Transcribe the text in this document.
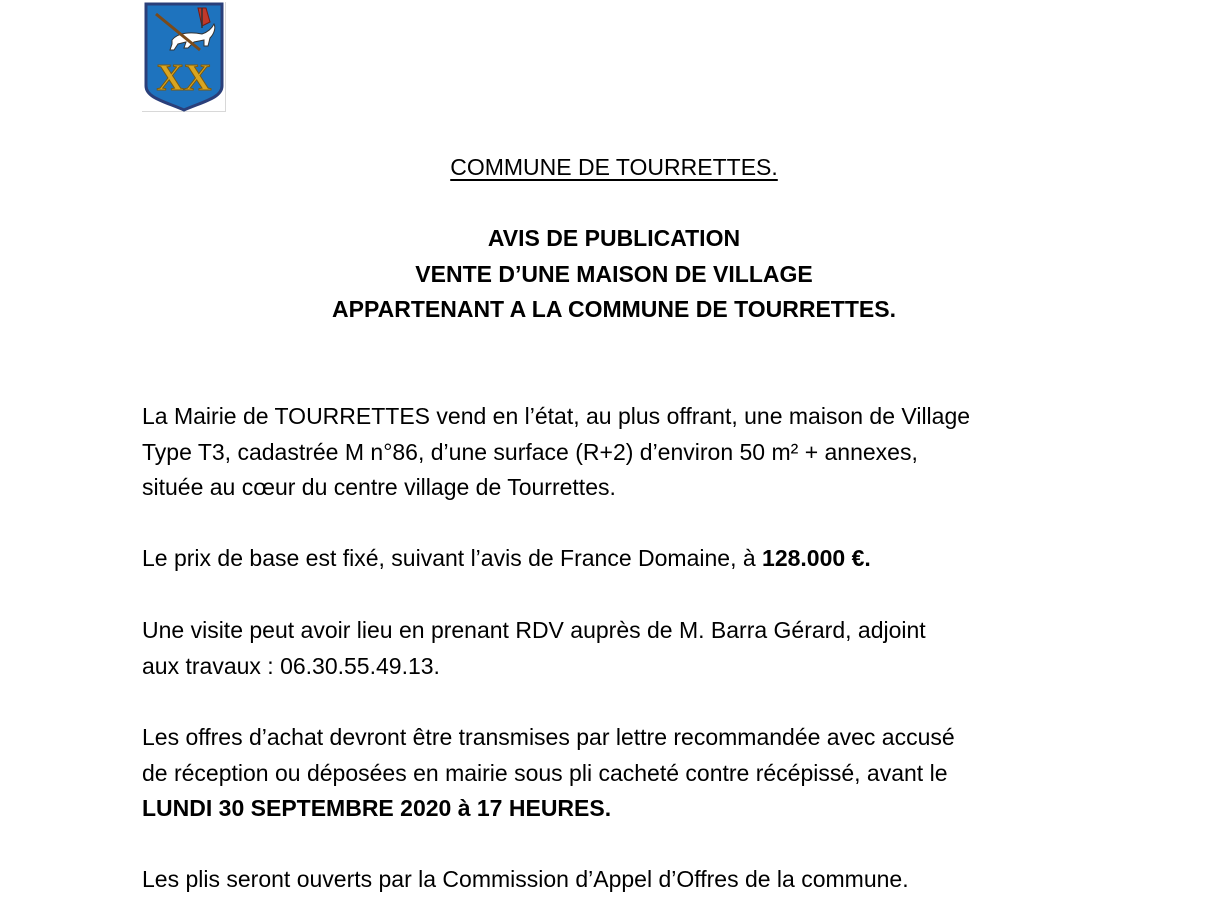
XX
COMMUNE DE TOURRETTES.
AVIS DE PUBLICATION
VENTE D’UNE MAISON DE VILLAGE
APPARTENANT A LA COMMUNE DE TOURRETTES.
La Mairie de TOURRETTES vend en l’état, au plus offrant, une maison de Village
Type T3, cadastrée M n°86, d’une surface (R+2) d’environ 50 m² + annexes,
située au cœur du centre village de Tourrettes.
Le prix de base est fixé, suivant l’avis de France Domaine, à 128.000 €.
Une visite peut avoir lieu en prenant RDV auprès de M. Barra Gérard, adjoint
aux travaux : 06.30.55.49.13.
Les offres d’achat devront être transmises par lettre recommandée avec accusé
de réception ou déposées en mairie sous pli cacheté contre récépissé, avant le
LUNDI 30 SEPTEMBRE 2020 à 17 HEURES.
Les plis seront ouverts par la Commission d’Appel d’Offres de la commune.
